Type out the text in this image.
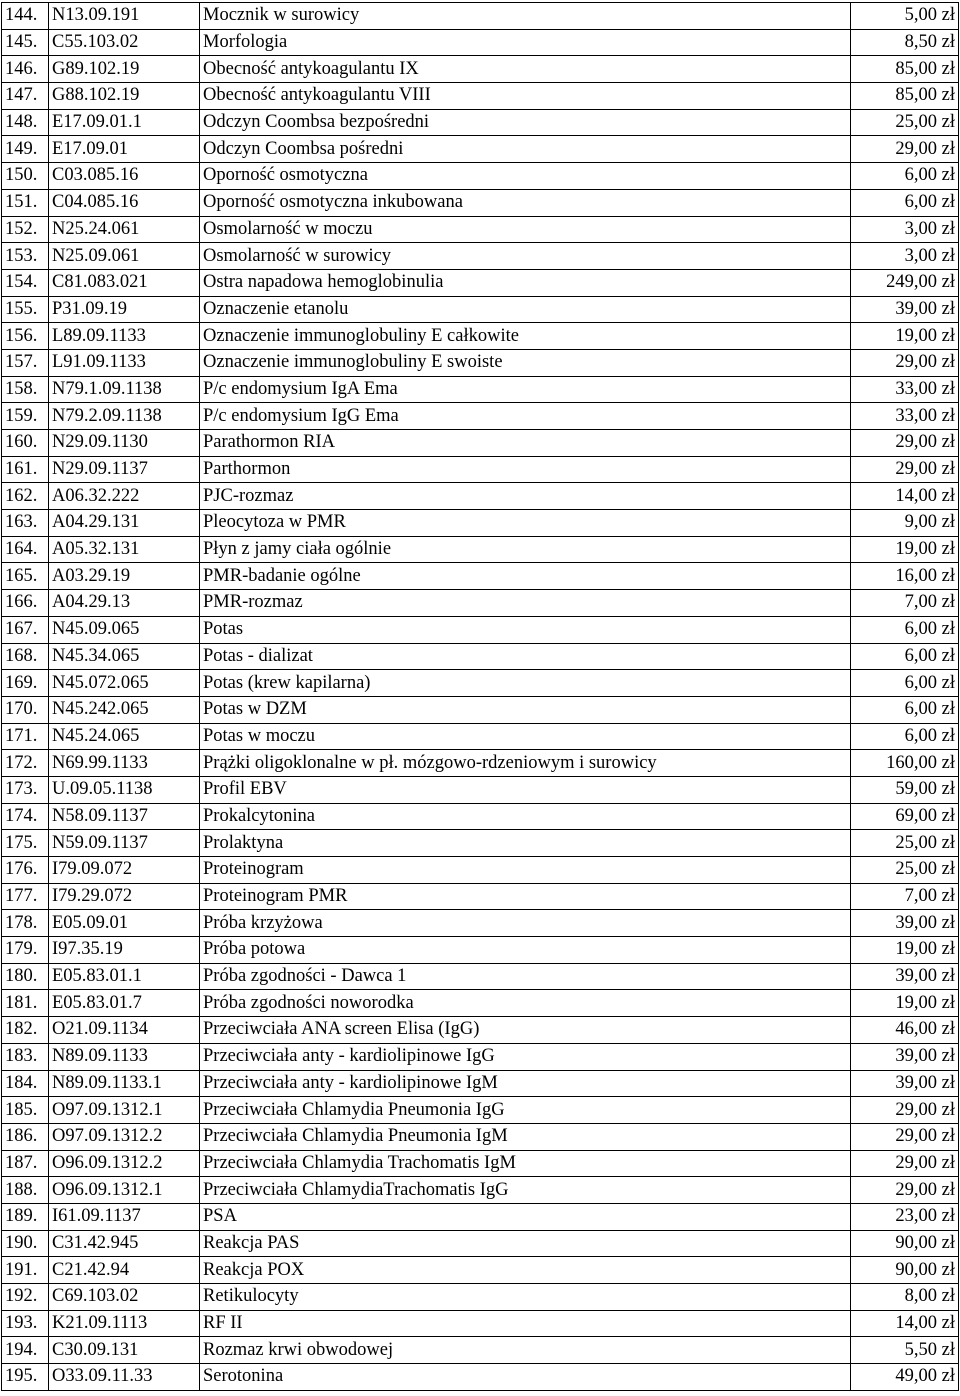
144.	N13.09.191	Mocznik w surowicy	5,00 zł
145.	C55.103.02	Morfologia	8,50 zł
146.	G89.102.19	Obecność antykoagulantu IX	85,00 zł
147.	G88.102.19	Obecność antykoagulantu VIII	85,00 zł
148.	E17.09.01.1	Odczyn Coombsa bezpośredni	25,00 zł
149.	E17.09.01	Odczyn Coombsa pośredni	29,00 zł
150.	C03.085.16	Oporność osmotyczna	6,00 zł
151.	C04.085.16	Oporność osmotyczna inkubowana	6,00 zł
152.	N25.24.061	Osmolarność w moczu	3,00 zł
153.	N25.09.061	Osmolarność w surowicy	3,00 zł
154.	C81.083.021	Ostra napadowa hemoglobinulia	249,00 zł
155.	P31.09.19	Oznaczenie etanolu	39,00 zł
156.	L89.09.1133	Oznaczenie immunoglobuliny E całkowite	19,00 zł
157.	L91.09.1133	Oznaczenie immunoglobuliny E swoiste	29,00 zł
158.	N79.1.09.1138	P/c endomysium IgA Ema	33,00 zł
159.	N79.2.09.1138	P/c endomysium IgG Ema	33,00 zł
160.	N29.09.1130	Parathormon RIA	29,00 zł
161.	N29.09.1137	Parthormon	29,00 zł
162.	A06.32.222	PJC-rozmaz	14,00 zł
163.	A04.29.131	Pleocytoza w PMR	9,00 zł
164.	A05.32.131	Płyn z jamy ciała ogólnie	19,00 zł
165.	A03.29.19	PMR-badanie ogólne	16,00 zł
166.	A04.29.13	PMR-rozmaz	7,00 zł
167.	N45.09.065	Potas	6,00 zł
168.	N45.34.065	Potas - dializat	6,00 zł
169.	N45.072.065	Potas (krew kapilarna)	6,00 zł
170.	N45.242.065	Potas w DZM	6,00 zł
171.	N45.24.065	Potas w moczu	6,00 zł
172.	N69.99.1133	Prążki oligoklonalne w pł. mózgowo-rdzeniowym i surowicy	160,00 zł
173.	U.09.05.1138	Profil EBV	59,00 zł
174.	N58.09.1137	Prokalcytonina	69,00 zł
175.	N59.09.1137	Prolaktyna	25,00 zł
176.	I79.09.072	Proteinogram	25,00 zł
177.	I79.29.072	Proteinogram PMR	7,00 zł
178.	E05.09.01	Próba krzyżowa	39,00 zł
179.	I97.35.19	Próba potowa	19,00 zł
180.	E05.83.01.1	Próba zgodności - Dawca 1	39,00 zł
181.	E05.83.01.7	Próba zgodności noworodka	19,00 zł
182.	O21.09.1134	Przeciwciała ANA screen Elisa (IgG)	46,00 zł
183.	N89.09.1133	Przeciwciała anty - kardiolipinowe IgG	39,00 zł
184.	N89.09.1133.1	Przeciwciała anty - kardiolipinowe IgM	39,00 zł
185.	O97.09.1312.1	Przeciwciała Chlamydia Pneumonia IgG	29,00 zł
186.	O97.09.1312.2	Przeciwciała Chlamydia Pneumonia IgM	29,00 zł
187.	O96.09.1312.2	Przeciwciała Chlamydia Trachomatis IgM	29,00 zł
188.	O96.09.1312.1	Przeciwciała ChlamydiaTrachomatis IgG	29,00 zł
189.	I61.09.1137	PSA	23,00 zł
190.	C31.42.945	Reakcja PAS	90,00 zł
191.	C21.42.94	Reakcja POX	90,00 zł
192.	C69.103.02	Retikulocyty	8,00 zł
193.	K21.09.1113	RF II	14,00 zł
194.	C30.09.131	Rozmaz krwi obwodowej	5,50 zł
195.	O33.09.11.33	Serotonina	49,00 zł
